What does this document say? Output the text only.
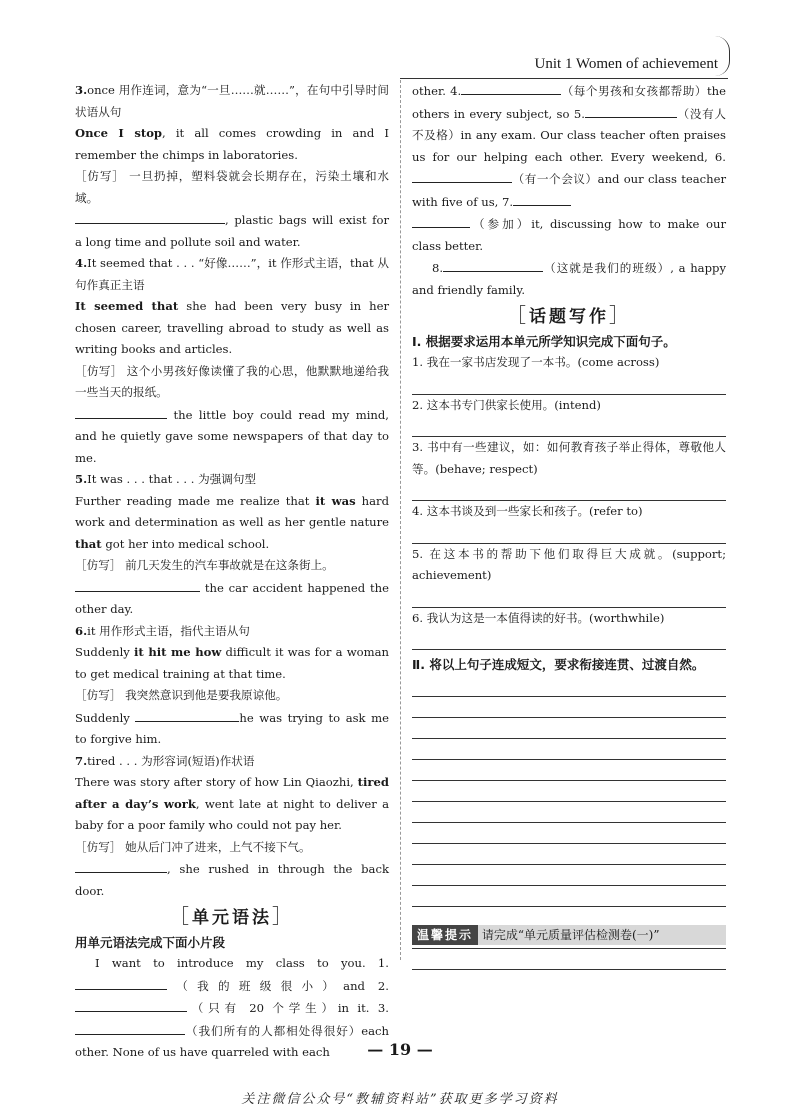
Unit 1 Women of achievement

3.once 用作连词，意为“一旦……就……”，在句中引导时间状语从句

Once I stop, it all comes crowding in and I remember the chimps in laboratories.

［仿写］ 一旦扔掉，塑料袋就会长期存在，污染土壤和水域。

, plastic bags will exist for a long time and pollute soil and water.

4.It seemed that . . . “好像……”，it 作形式主语，that 从句作真正主语

It seemed that she had been very busy in her chosen career, travelling abroad to study as well as writing books and articles.

［仿写］ 这个小男孩好像读懂了我的心思，他默默地递给我一些当天的报纸。

the little boy could read my mind, and he quietly gave some newspapers of that day to me.

5.It was . . . that . . . 为强调句型

Further reading made me realize that it was hard work and determination as well as her gentle nature that got her into medical school.

［仿写］ 前几天发生的汽车事故就是在这条街上。

the car accident happened the other day.

6.it 用作形式主语，指代主语从句

Suddenly it hit me how difficult it was for a woman to get medical training at that time.

［仿写］ 我突然意识到他是要我原谅他。

Suddenly	he was trying to ask me to forgive him.

7.tired . . . 为形容词(短语)作状语

There was story after story of how Lin Qiaozhi, tired after a day’s work, went late at night to deliver a baby for a poor family who could not pay her.

［仿写］ 她从后门冲了进来，上气不接下气。

, she rushed in through the back door.

［单元语法］

用单元语法完成下面小片段

I want to introduce my class to you. 1.（我的班级很小）and 2.（只有 20 个学生）in it. 3.（我们所有的人都相处得很好）each other. None of us have quarreled with each

other. 4.	（每个男孩和女孩都帮助）the others in every subject, so 5.	（没有人不及格）in any exam. Our class teacher often praises us for our helping each other. Every weekend, 6.（有一个会议）and our class teacher with five of us, 7.
（参加）it, discussing how to make our class better.

8.	（这就是我们的班级）, a happy and friendly family.

［话题写作］

Ⅰ. 根据要求运用本单元所学知识完成下面句子。

1. 我在一家书店发现了一本书。(come across)

2. 这本书专门供家长使用。(intend)

3. 书中有一些建议，如：如何教育孩子举止得体，尊敬他人等。(behave; respect)

4. 这本书谈及到一些家长和孩子。(refer to)

5. 在这本书的帮助下他们取得巨大成就。(support; achievement)

6. 我认为这是一本值得读的好书。(worthwhile)

Ⅱ. 将以上句子连成短文，要求衔接连贯、过渡自然。

温馨提示 请完成“单元质量评估检测卷(一)”
— 19 —
关注微信公众号“教辅资料站”获取更多学习资料
